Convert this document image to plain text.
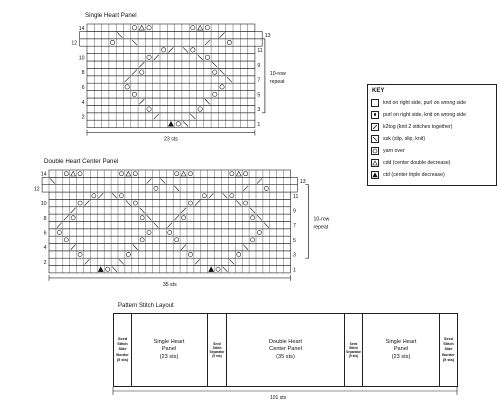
Single Heart Panel
Double Heart Center Panel
14
12
10
8
6
4
2
13
11
9
7
5
3
1
10-row
repeat
23 sts
14
12
10
8
6
4
2
13
11
9
7
5
3
1
10-row
repeat
35 sts
KEY
knit on right side, purl on wrong side
purl on right side, knit on wrong side
k2tog (knit 2 stitches together)
ssk (slip, slip, knit)
yarn over
cdd (center double decrease)
ctd (center triple decrease)
Pattern Stitch Layout
Seed
Stitch
Side
Border
(5 sts)
Single Heart
Panel
(23 sts)
Seed
Stitch
Separator
(5 sts)
Double Heart
Center Panel
(35 sts)
Seed
Stitch
Separator
(5 sts)
Single Heart
Panel
(23 sts)
Seed
Stitch
Side
Border
(5 sts)
101 sts
